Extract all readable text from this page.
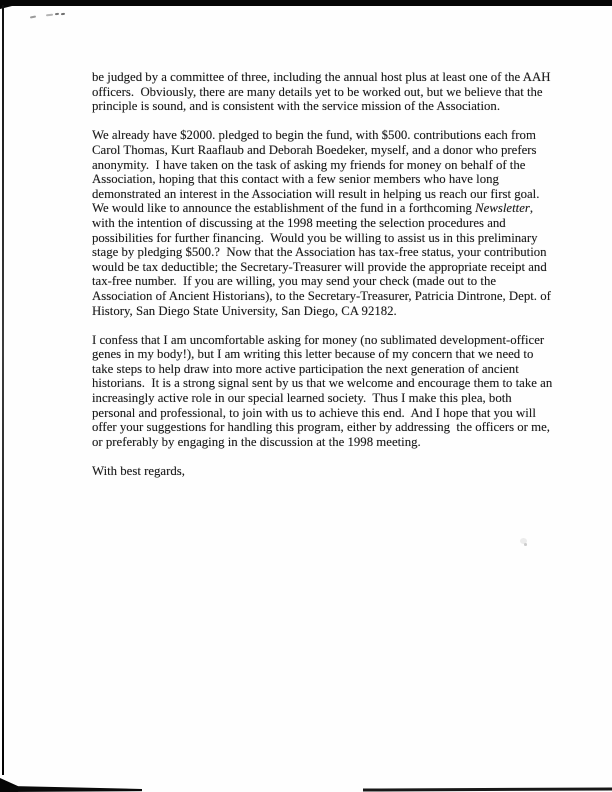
be judged by a committee of three, including the annual host plus at least one of the AAH
officers.  Obviously, there are many details yet to be worked out, but we believe that the
principle is sound, and is consistent with the service mission of the Association.
We already have $2000. pledged to begin the fund, with $500. contributions each from
Carol Thomas, Kurt Raaflaub and Deborah Boedeker, myself, and a donor who prefers
anonymity.  I have taken on the task of asking my friends for money on behalf of the
Association, hoping that this contact with a few senior members who have long
demonstrated an interest in the Association will result in helping us reach our first goal.
We would like to announce the establishment of the fund in a forthcoming Newsletter,
with the intention of discussing at the 1998 meeting the selection procedures and
possibilities for further financing.  Would you be willing to assist us in this preliminary
stage by pledging $500.?  Now that the Association has tax-free status, your contribution
would be tax deductible; the Secretary-Treasurer will provide the appropriate receipt and
tax-free number.  If you are willing, you may send your check (made out to the
Association of Ancient Historians), to the Secretary-Treasurer, Patricia Dintrone, Dept. of
History, San Diego State University, San Diego, CA 92182.
I confess that I am uncomfortable asking for money (no sublimated development-officer
genes in my body!), but I am writing this letter because of my concern that we need to
take steps to help draw into more active participation the next generation of ancient
historians.  It is a strong signal sent by us that we welcome and encourage them to take an
increasingly active role in our special learned society.  Thus I make this plea, both
personal and professional, to join with us to achieve this end.  And I hope that you will
offer your suggestions for handling this program, either by addressing  the officers or me,
or preferably by engaging in the discussion at the 1998 meeting.
With best regards,
